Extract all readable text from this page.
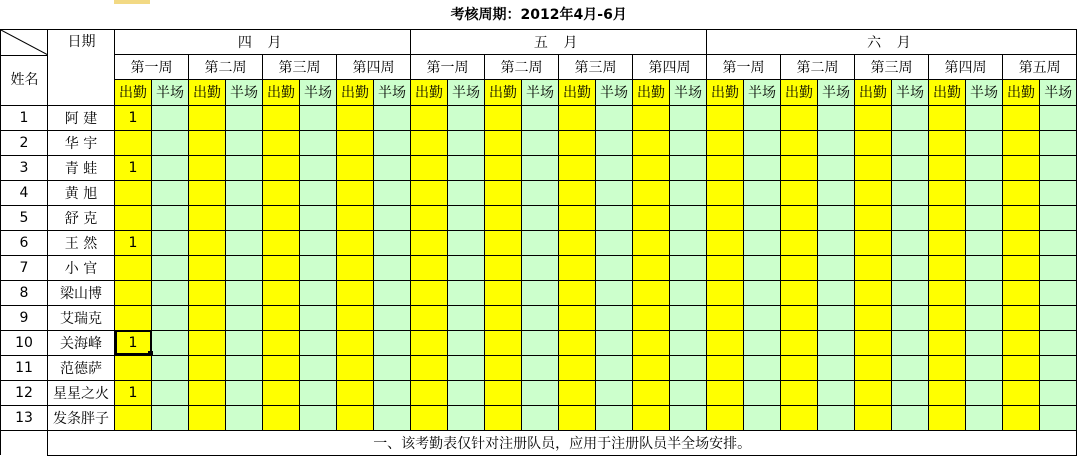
考核周期：2012年4月-6月																											

日期
姓名		四 月								五 月								六 月									
		第一周		第二周		第三周		第四周		第一周		第二周		第三周		第四周		第一周		第二周		第三周		第四周		第五周	
		出勤	半场	出勤	半场	出勤	半场	出勤	半场	出勤	半场	出勤	半场	出勤	半场	出勤	半场	出勤	半场	出勤	半场	出勤	半场	出勤	半场	出勤	半场
1	阿 建	1																									
2	华 宇																										
3	青 蛙	1																									
4	黄 旭																										
5	舒 克																										
6	王 然	1																									
7	小 官																										
8	梁山博																										
9	艾瑞克																										
10	关海峰	1																									
11	范德萨																										
12	星星之火	1																									
13	发条胖子																										
	一、该考勤表仅针对注册队员，应用于注册队员半全场安排。																										
